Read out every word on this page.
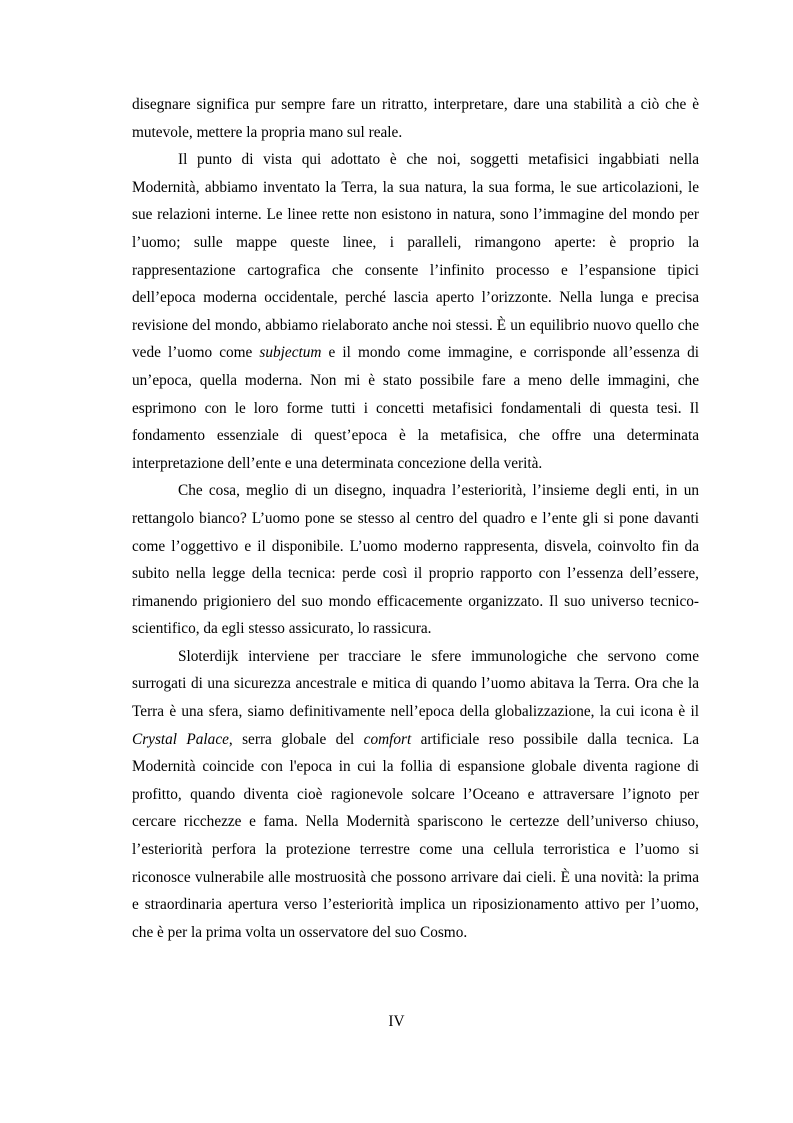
disegnare significa pur sempre fare un ritratto, interpretare, dare una stabilità a ciò che è mutevole, mettere la propria mano sul reale.

Il punto di vista qui adottato è che noi, soggetti metafisici ingabbiati nella Modernità, abbiamo inventato la Terra, la sua natura, la sua forma, le sue articolazioni, le sue relazioni interne. Le linee rette non esistono in natura, sono l’immagine del mondo per l’uomo; sulle mappe queste linee, i paralleli, rimangono aperte: è proprio la rappresentazione cartografica che consente l’infinito processo e l’espansione tipici dell’epoca moderna occidentale, perché lascia aperto l’orizzonte. Nella lunga e precisa revisione del mondo, abbiamo rielaborato anche noi stessi. È un equilibrio nuovo quello che vede l’uomo come subjectum e il mondo come immagine, e corrisponde all’essenza di un’epoca, quella moderna. Non mi è stato possibile fare a meno delle immagini, che esprimono con le loro forme tutti i concetti metafisici fondamentali di questa tesi. Il fondamento essenziale di quest’epoca è la metafisica, che offre una determinata interpretazione dell’ente e una determinata concezione della verità.

Che cosa, meglio di un disegno, inquadra l’esteriorità, l’insieme degli enti, in un rettangolo bianco? L’uomo pone se stesso al centro del quadro e l’ente gli si pone davanti come l’oggettivo e il disponibile. L’uomo moderno rappresenta, disvela, coinvolto fin da subito nella legge della tecnica: perde così il proprio rapporto con l’essenza dell’essere, rimanendo prigioniero del suo mondo efficacemente organizzato. Il suo universo tecnico-scientifico, da egli stesso assicurato, lo rassicura.

Sloterdijk interviene per tracciare le sfere immunologiche che servono come surrogati di una sicurezza ancestrale e mitica di quando l’uomo abitava la Terra. Ora che la Terra è una sfera, siamo definitivamente nell’epoca della globalizzazione, la cui icona è il Crystal Palace, serra globale del comfort artificiale reso possibile dalla tecnica. La Modernità coincide con l'epoca in cui la follia di espansione globale diventa ragione di profitto, quando diventa cioè ragionevole solcare l’Oceano e attraversare l’ignoto per cercare ricchezze e fama. Nella Modernità spariscono le certezze dell’universo chiuso, l’esteriorità perfora la protezione terrestre come una cellula terroristica e l’uomo si riconosce vulnerabile alle mostruosità che possono arrivare dai cieli. È una novità: la prima e straordinaria apertura verso l’esteriorità implica un riposizionamento attivo per l’uomo, che è per la prima volta un osservatore del suo Cosmo.

IV
